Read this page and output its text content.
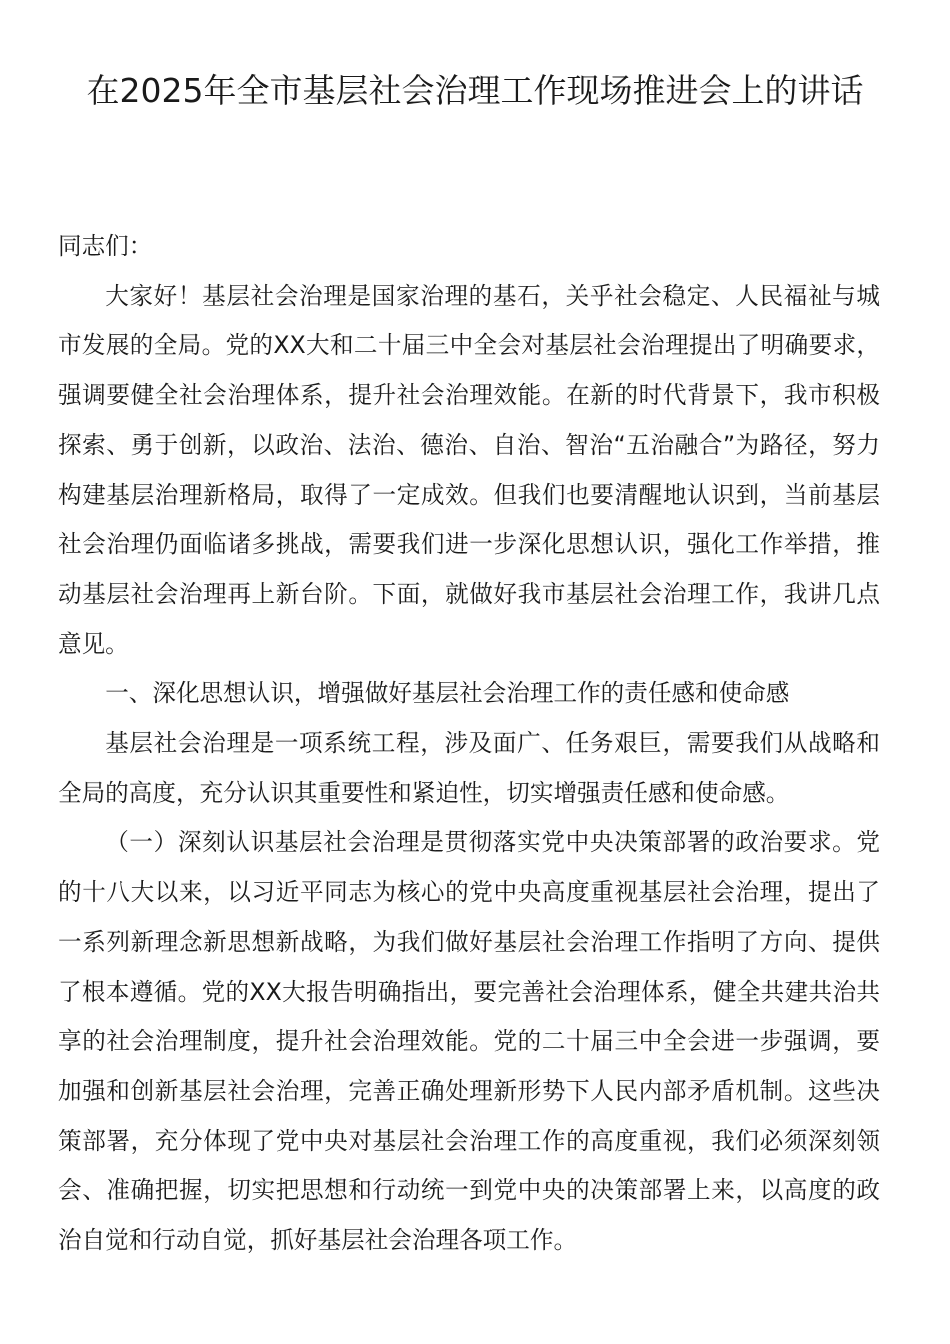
在2025年全市基层社会治理工作现场推进会上的讲话

同志们：

大家好！基层社会治理是国家治理的基石，关乎社会稳定、人民福祉与城市发展的全局。党的XX大和二十届三中全会对基层社会治理提出了明确要求，强调要健全社会治理体系，提升社会治理效能。在新的时代背景下，我市积极探索、勇于创新，以政治、法治、德治、自治、智治“五治融合”为路径，努力构建基层治理新格局，取得了一定成效。但我们也要清醒地认识到，当前基层社会治理仍面临诸多挑战，需要我们进一步深化思想认识，强化工作举措，推动基层社会治理再上新台阶。下面，就做好我市基层社会治理工作，我讲几点意见。

一、深化思想认识，增强做好基层社会治理工作的责任感和使命感

基层社会治理是一项系统工程，涉及面广、任务艰巨，需要我们从战略和全局的高度，充分认识其重要性和紧迫性，切实增强责任感和使命感。

（一）深刻认识基层社会治理是贯彻落实党中央决策部署的政治要求。党的十八大以来，以习近平同志为核心的党中央高度重视基层社会治理，提出了一系列新理念新思想新战略，为我们做好基层社会治理工作指明了方向、提供了根本遵循。党的XX大报告明确指出，要完善社会治理体系，健全共建共治共享的社会治理制度，提升社会治理效能。党的二十届三中全会进一步强调，要加强和创新基层社会治理，完善正确处理新形势下人民内部矛盾机制。这些决策部署，充分体现了党中央对基层社会治理工作的高度重视，我们必须深刻领会、准确把握，切实把思想和行动统一到党中央的决策部署上来，以高度的政治自觉和行动自觉，抓好基层社会治理各项工作。
